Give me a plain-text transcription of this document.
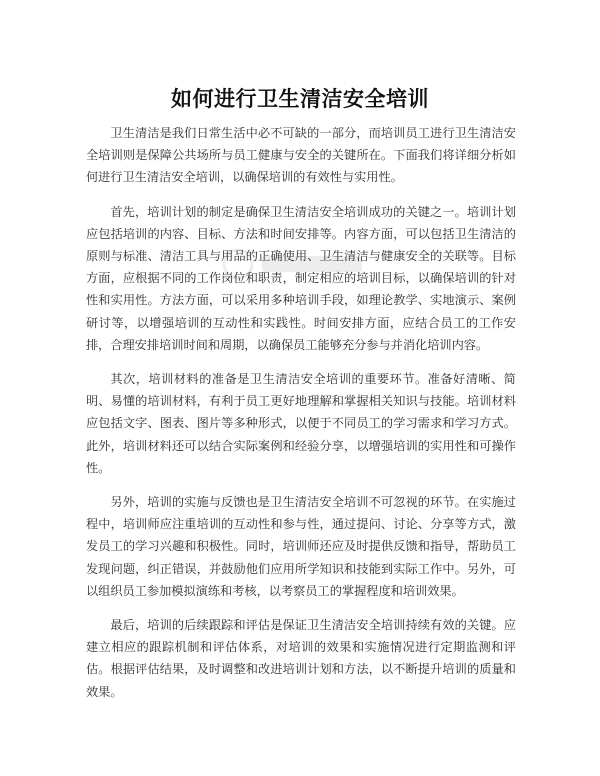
如何进行卫生清洁安全培训

卫生清洁是我们日常生活中必不可缺的一部分，而培训员工进行卫生清洁安全培训则是保障公共场所与员工健康与安全的关键所在。下面我们将详细分析如何进行卫生清洁安全培训，以确保培训的有效性与实用性。

首先，培训计划的制定是确保卫生清洁安全培训成功的关键之一。培训计划应包括培训的内容、目标、方法和时间安排等。内容方面，可以包括卫生清洁的原则与标准、清洁工具与用品的正确使用、卫生清洁与健康安全的关联等。目标方面，应根据不同的工作岗位和职责，制定相应的培训目标，以确保培训的针对性和实用性。方法方面，可以采用多种培训手段，如理论教学、实地演示、案例研讨等，以增强培训的互动性和实践性。时间安排方面，应结合员工的工作安排，合理安排培训时间和周期，以确保员工能够充分参与并消化培训内容。

其次，培训材料的准备是卫生清洁安全培训的重要环节。准备好清晰、简明、易懂的培训材料，有利于员工更好地理解和掌握相关知识与技能。培训材料应包括文字、图表、图片等多种形式，以便于不同员工的学习需求和学习方式。此外，培训材料还可以结合实际案例和经验分享，以增强培训的实用性和可操作性。

另外，培训的实施与反馈也是卫生清洁安全培训不可忽视的环节。在实施过程中，培训师应注重培训的互动性和参与性，通过提问、讨论、分享等方式，激发员工的学习兴趣和积极性。同时，培训师还应及时提供反馈和指导，帮助员工发现问题，纠正错误，并鼓励他们应用所学知识和技能到实际工作中。另外，可以组织员工参加模拟演练和考核，以考察员工的掌握程度和培训效果。

最后，培训的后续跟踪和评估是保证卫生清洁安全培训持续有效的关键。应建立相应的跟踪机制和评估体系，对培训的效果和实施情况进行定期监测和评估。根据评估结果，及时调整和改进培训计划和方法，以不断提升培训的质量和效果。
